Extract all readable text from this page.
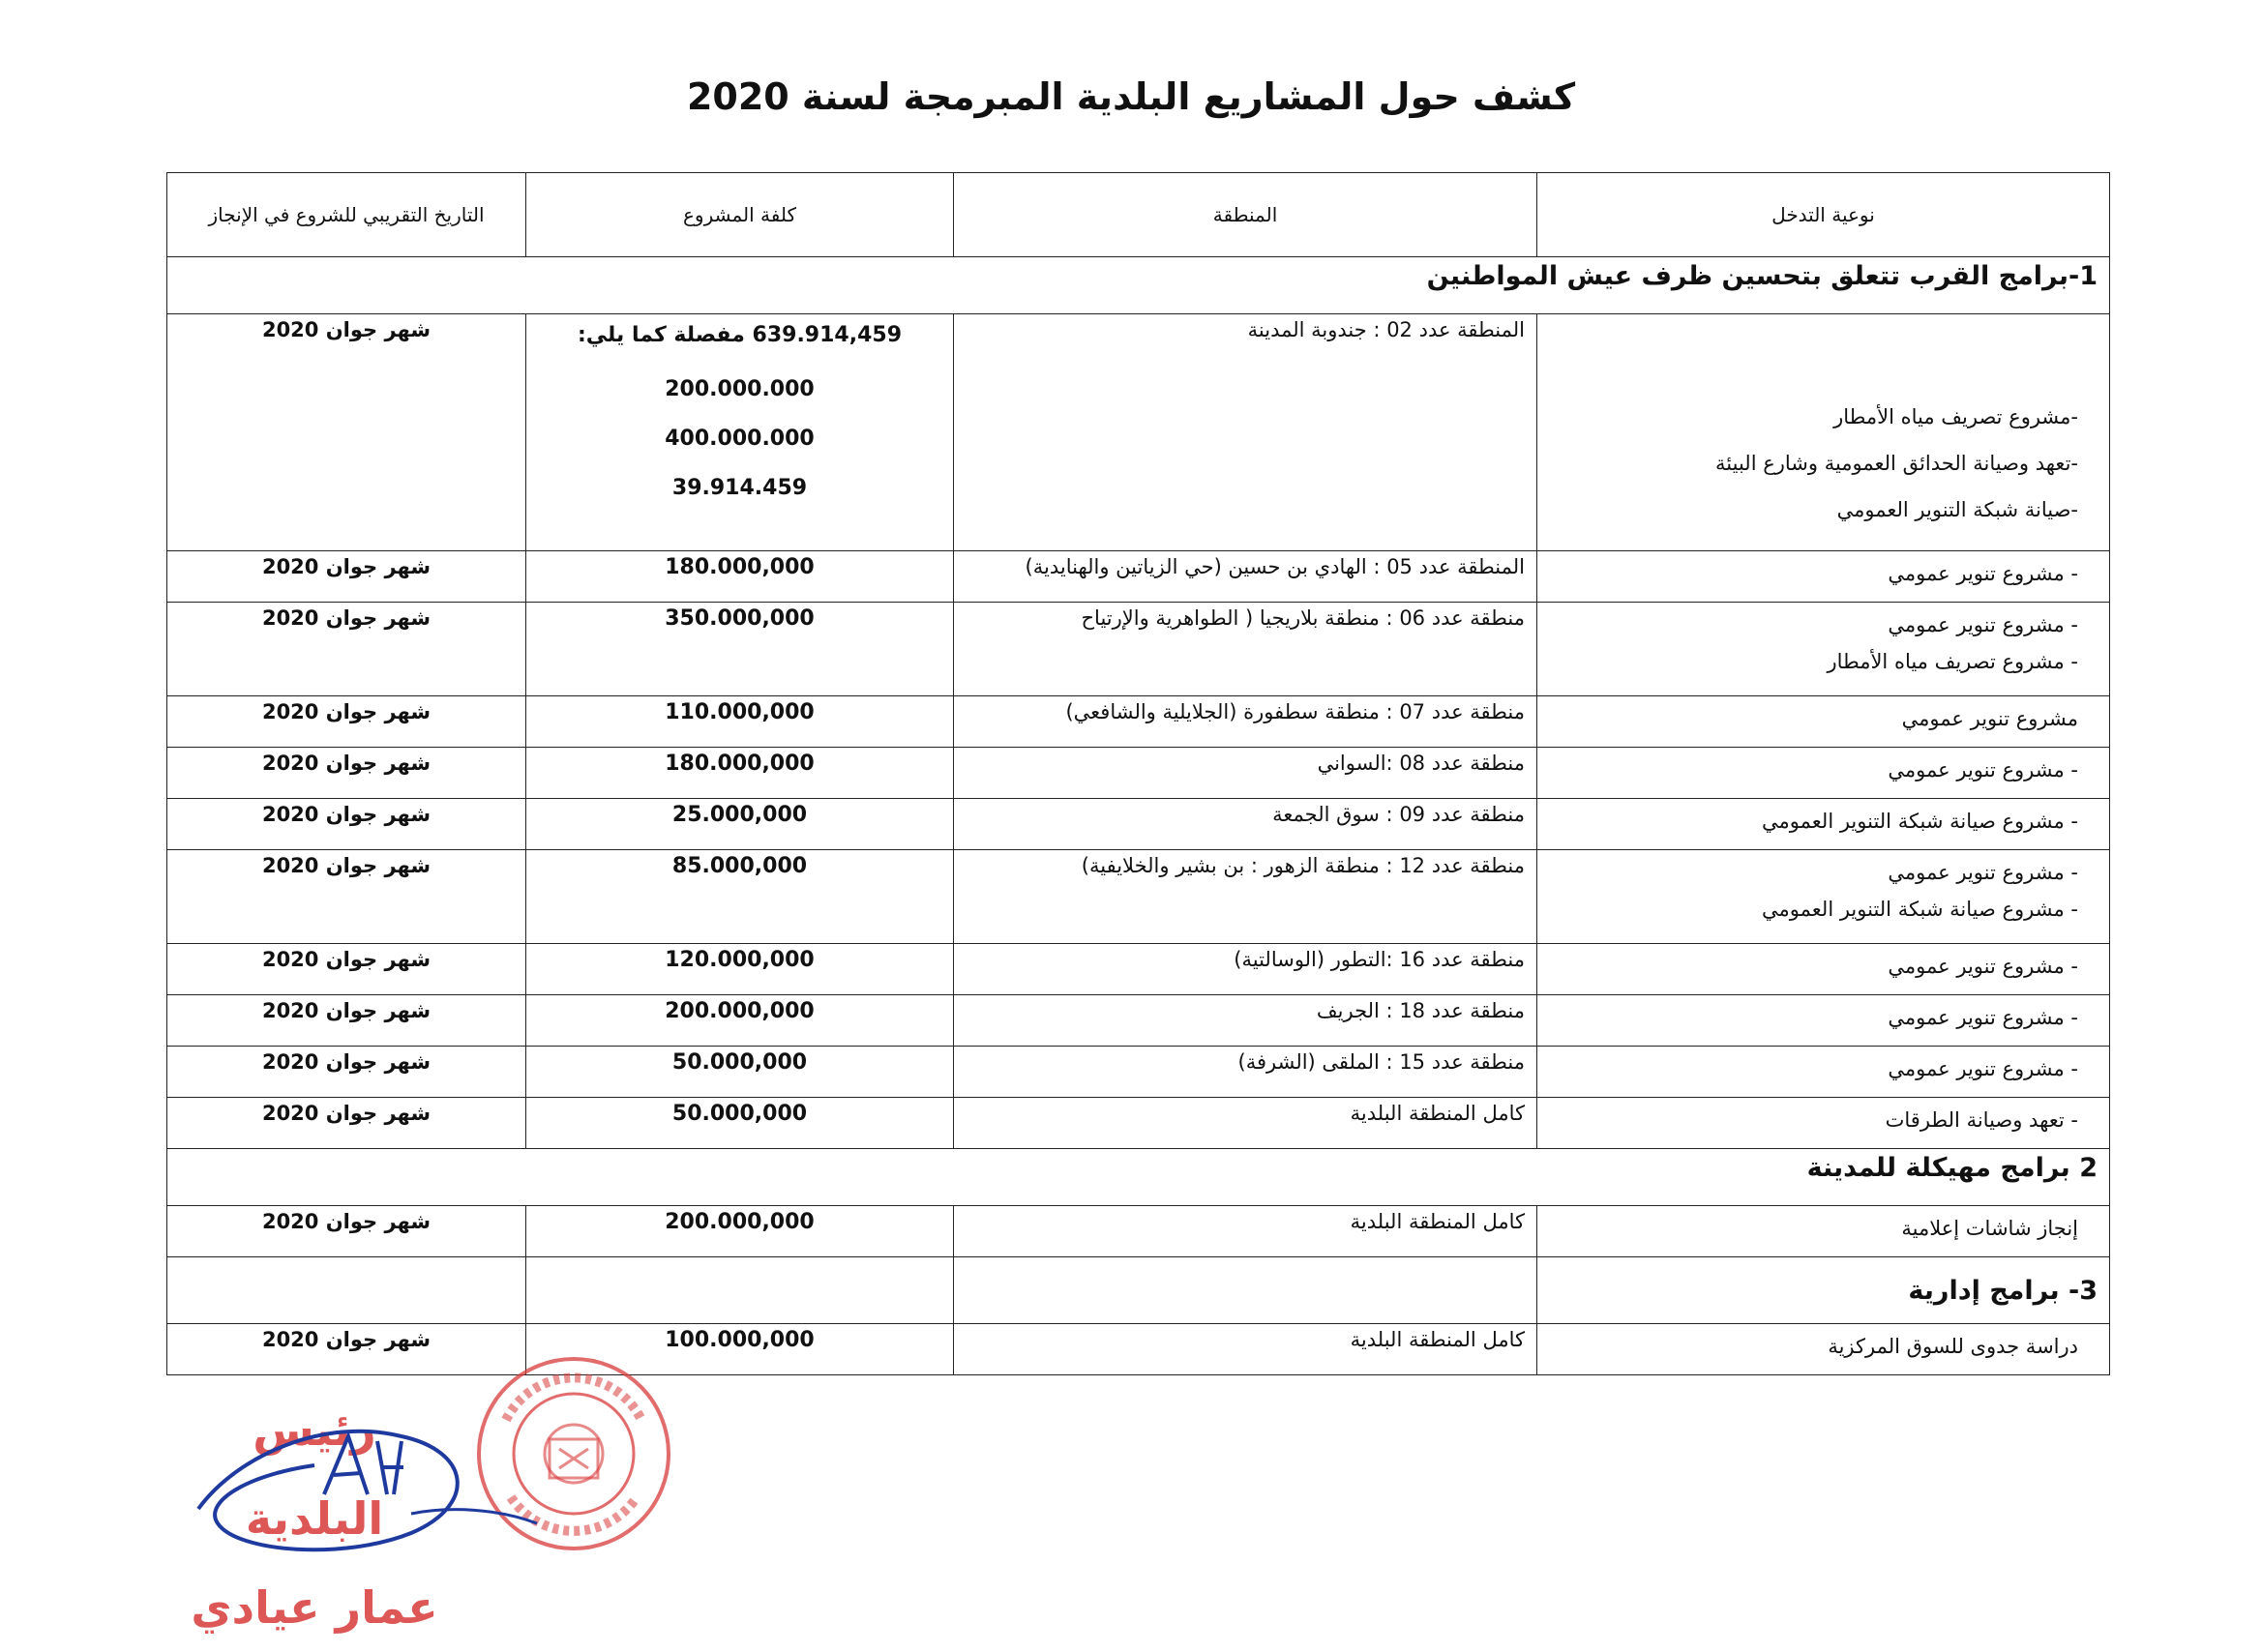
كشف حول المشاريع البلدية المبرمجة لسنة 2020
نوعية التدخل	المنطقة	كلفة المشروع	التاريخ التقريبي للشروع في الإنجاز
1-برامج القرب تتعلق بتحسين ظرف عيش المواطنين			

-مشروع تصريف مياه الأمطار
-تعهد وصيانة الحدائق العمومية وشارع البيئة
-صيانة شبكة التنوير العمومي	المنطقة عدد 02 : جندوبة المدينة	639.914,459 مفصلة كما يلي:
200.000.000
400.000.000
39.914.459	شهر جوان 2020

- مشروع تنوير عمومي	المنطقة عدد 05 : الهادي بن حسين (حي الزياتين والهنايدية)	180.000,000	شهر جوان 2020

- مشروع تنوير عمومي
- مشروع تصريف مياه الأمطار	منطقة عدد 06 : منطقة بلاريجيا ( الطواهرية والإرتياح	350.000,000	شهر جوان 2020

مشروع تنوير عمومي	منطقة عدد 07 : منطقة سطفورة (الجلايلية والشافعي)	110.000,000	شهر جوان 2020

- مشروع تنوير عمومي	منطقة عدد 08 :السواني	180.000,000	شهر جوان 2020

- مشروع صيانة شبكة التنوير العمومي	منطقة عدد 09 : سوق الجمعة	25.000,000	شهر جوان 2020

- مشروع تنوير عمومي
- مشروع صيانة شبكة التنوير العمومي	منطقة عدد 12 : منطقة الزهور : بن بشير والخلايفية)	85.000,000	شهر جوان 2020

- مشروع تنوير عمومي	منطقة عدد 16 :التطور (الوسالتية)	120.000,000	شهر جوان 2020

- مشروع تنوير عمومي	منطقة عدد 18 : الجريف	200.000,000	شهر جوان 2020

- مشروع تنوير عمومي	منطقة عدد 15 : الملقى (الشرفة)	50.000,000	شهر جوان 2020

- تعهد وصيانة الطرقات	كامل المنطقة البلدية	50.000,000	شهر جوان 2020
2 برامج مهيكلة للمدينة			

إنجاز شاشات إعلامية	كامل المنطقة البلدية	200.000,000	شهر جوان 2020
3- برامج إدارية			

دراسة جدوى للسوق المركزية	كامل المنطقة البلدية	100.000,000	شهر جوان 2020
رئيس البلدية
عمار عيادي
